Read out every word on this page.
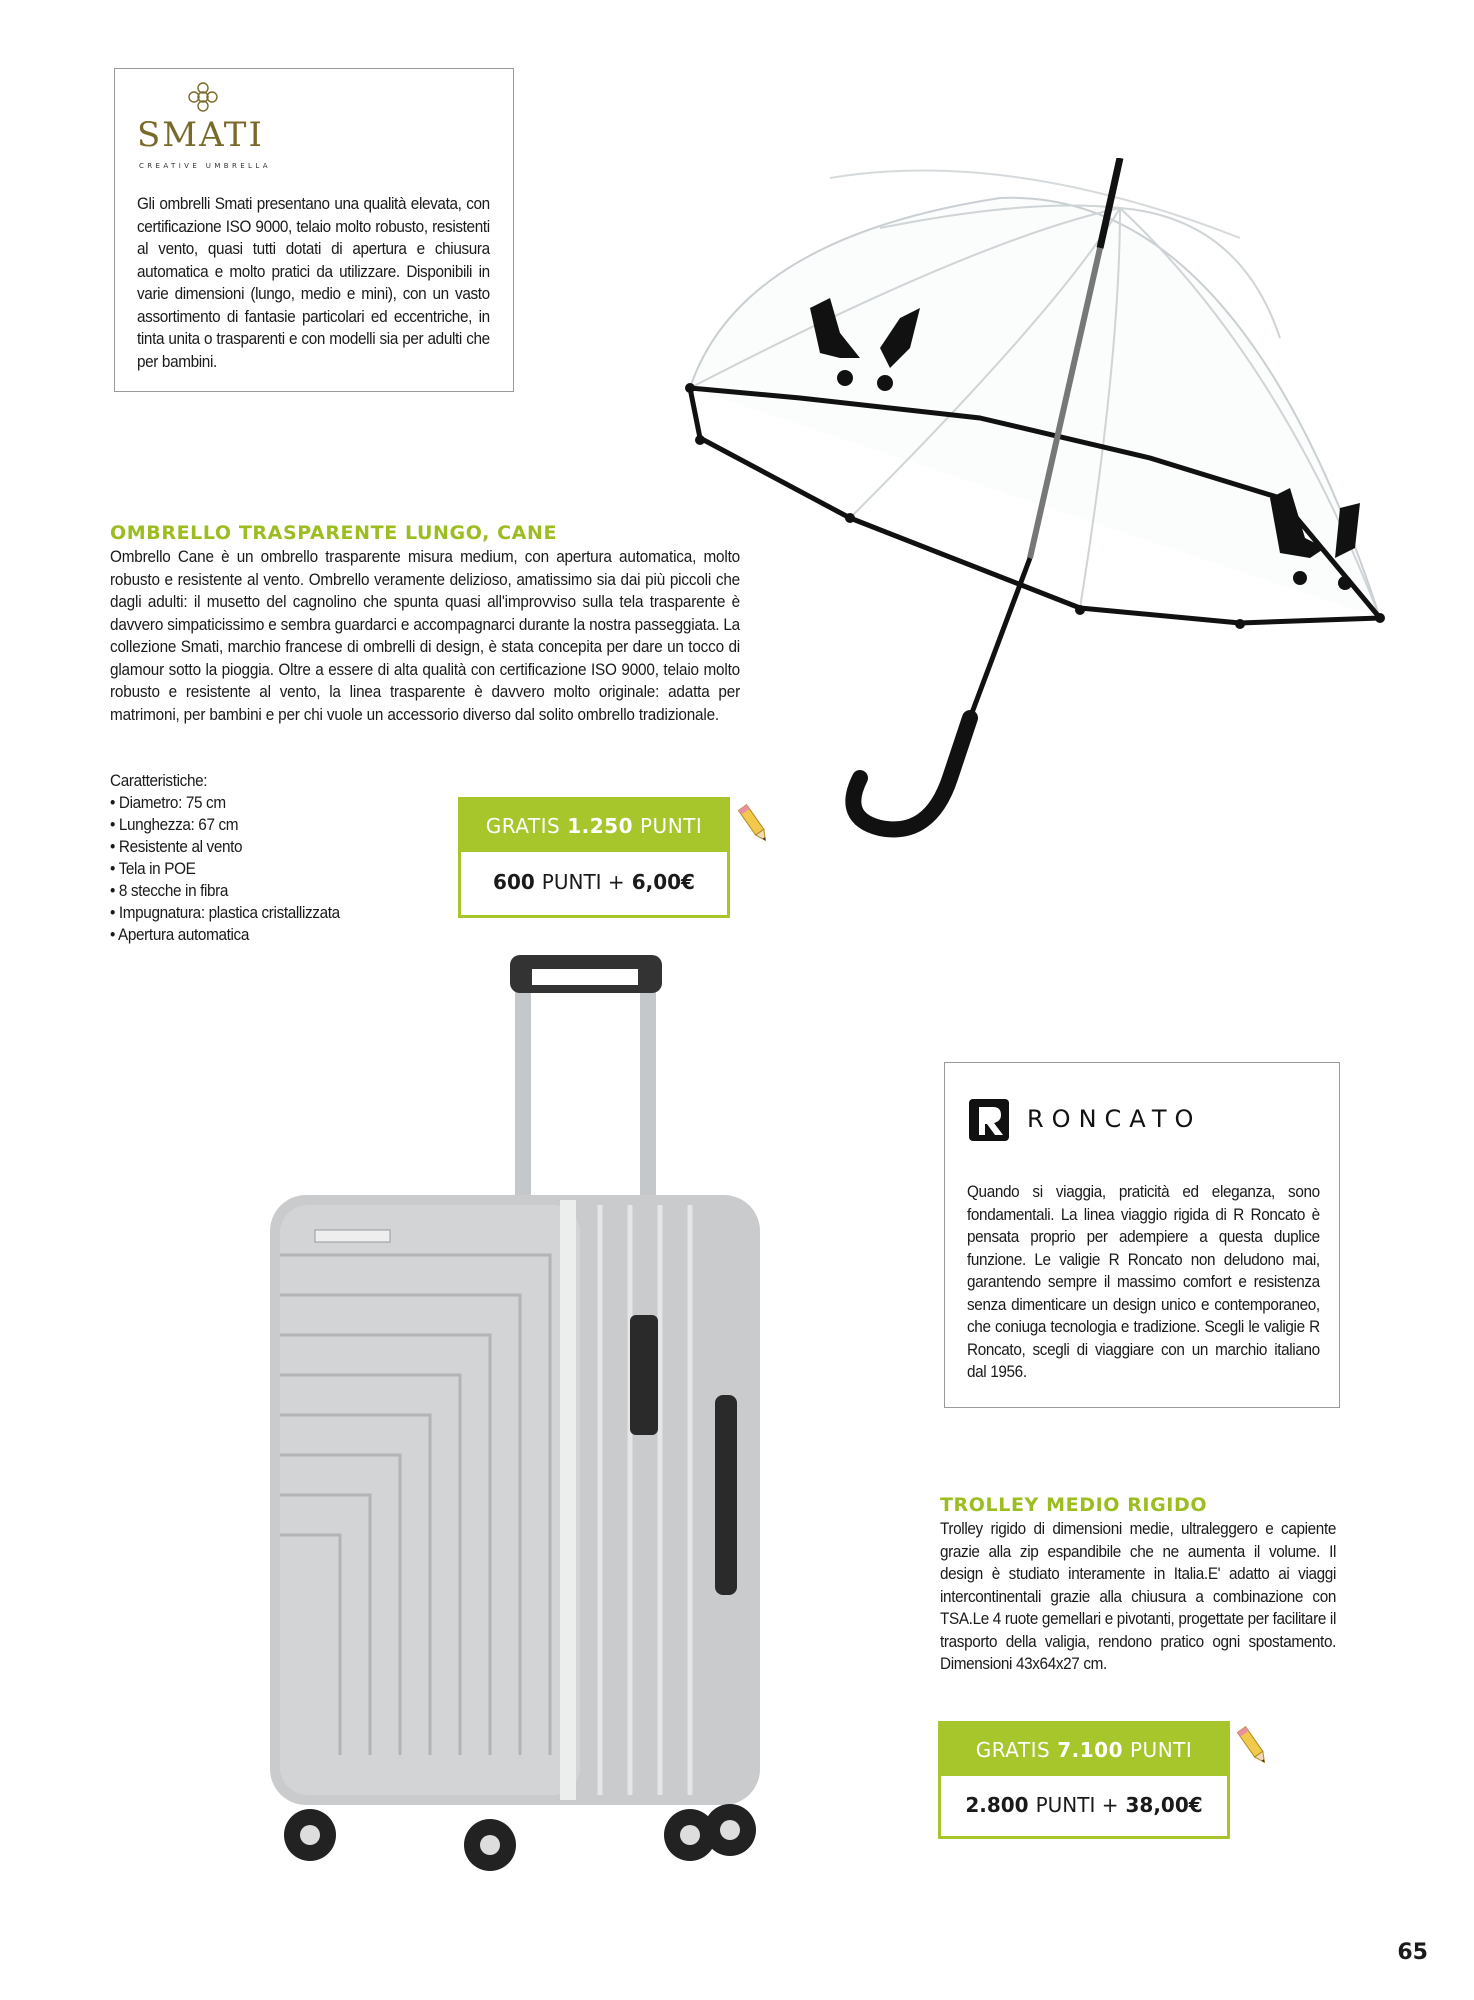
SMATI
CREATIVE UMBRELLA
Gli ombrelli Smati presentano una qualità elevata, con certificazione ISO 9000, telaio molto robusto, resistenti al vento, quasi tutti dotati di apertura e chiusura automatica e molto pratici da utilizzare. Disponibili in varie dimensioni (lungo, medio e mini), con un vasto assortimento di fantasie particolari ed eccentriche, in tinta unita o trasparenti e con modelli sia per adulti che per bambini.
OMBRELLO TRASPARENTE LUNGO, CANE
Ombrello Cane è un ombrello trasparente misura medium, con apertura automatica, molto robusto e resistente al vento. Ombrello veramente delizioso, amatissimo sia dai più piccoli che dagli adulti: il musetto del cagnolino che spunta quasi all'improvviso sulla tela trasparente è davvero simpaticissimo e sembra guardarci e accompagnarci durante la nostra passeggiata. La collezione Smati, marchio francese di ombrelli di design, è stata concepita per dare un tocco di glamour sotto la pioggia. Oltre a essere di alta qualità con certificazione ISO 9000, telaio molto robusto e resistente al vento, la linea trasparente è davvero molto originale: adatta per matrimoni, per bambini e per chi vuole un accessorio diverso dal solito ombrello tradizionale.
Caratteristiche:
• Diametro: 75 cm
• Lunghezza: 67 cm
• Resistente al vento
• Tela in POE
• 8 stecche in fibra
• Impugnatura: plastica cristallizzata
• Apertura automatica
GRATIS 1.250 PUNTI
600 PUNTI + 6,00€
RONCATO
Quando si viaggia, praticità ed eleganza, sono fondamentali. La linea viaggio rigida di R Roncato è pensata proprio per adempiere a questa duplice funzione. Le valigie R Roncato non deludono mai, garantendo sempre il massimo comfort e resistenza senza dimenticare un design unico e contemporaneo, che coniuga tecnologia e tradizione. Scegli le valigie R Roncato, scegli di viaggiare con un marchio italiano dal 1956.
TROLLEY MEDIO RIGIDO
Trolley rigido di dimensioni medie, ultraleggero e capiente grazie alla zip espandibile che ne aumenta il volume. Il design è studiato interamente in Italia.E' adatto ai viaggi intercontinentali grazie alla chiusura a combinazione con TSA.Le 4 ruote gemellari e pivotanti, progettate per facilitare il trasporto della valigia, rendono pratico ogni spostamento. Dimensioni 43x64x27 cm.
GRATIS 7.100 PUNTI
2.800 PUNTI + 38,00€
65
